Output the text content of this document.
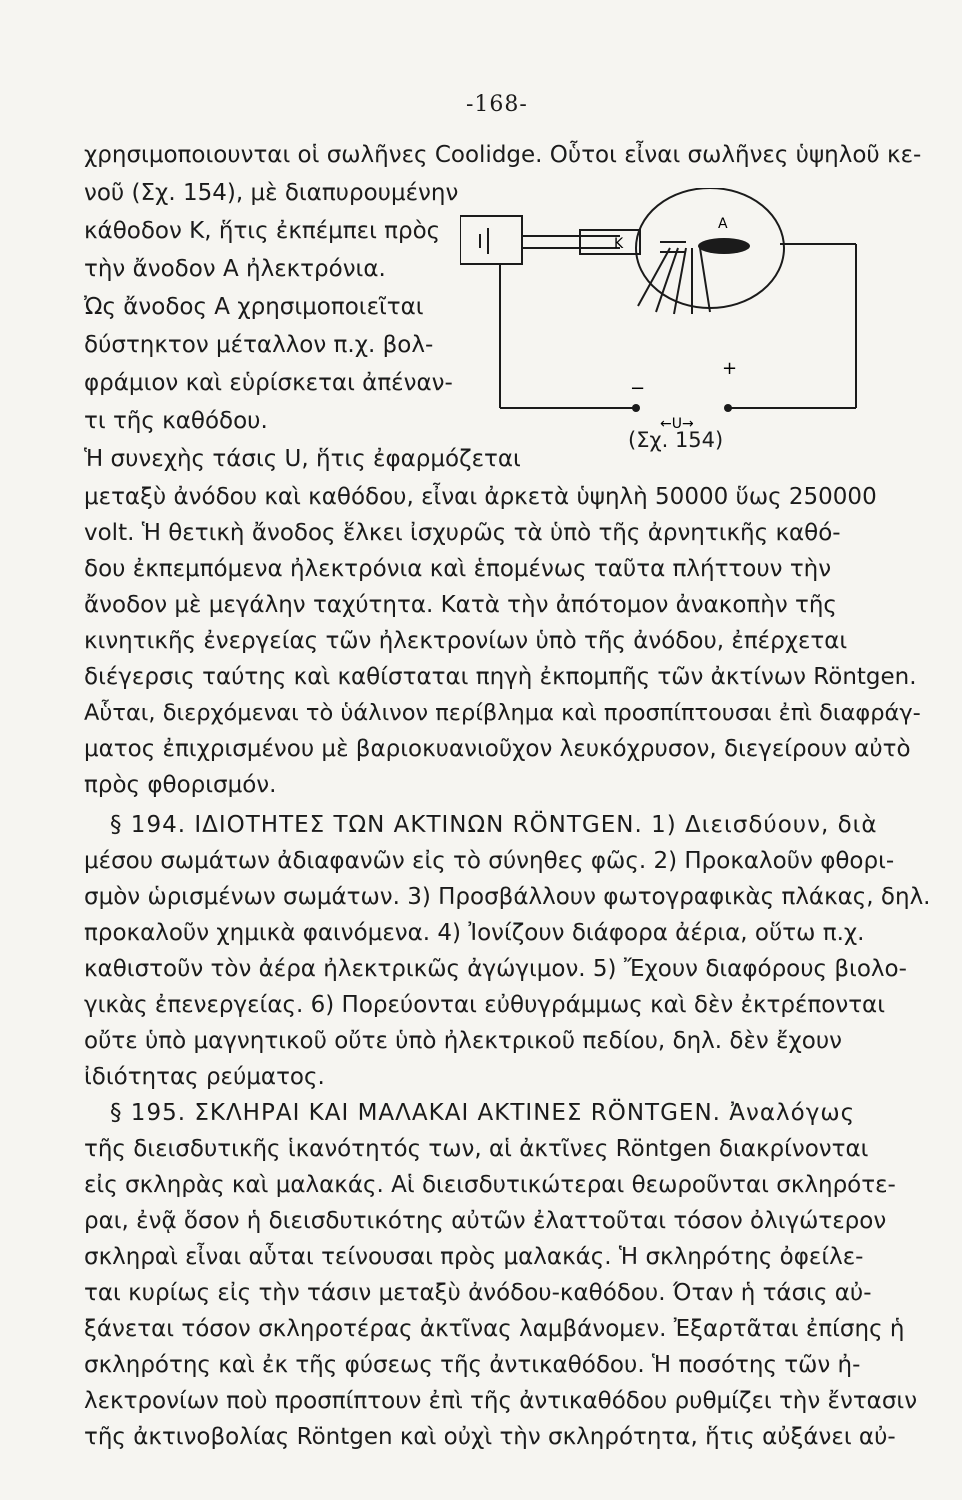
-168-
K
A
−
+
←U→
(Σχ. 154)
χρησιμοποιουνται οἱ σωλῆνες Coolidge. Οὗτοι εἶναι σωλῆνες ὑψηλοῦ κε-
νοῦ (Σχ. 154), μὲ διαπυρουμένην
κάθοδον Κ, ἥτις ἐκπέμπει πρὸς
τὴν ἄνοδον Α ἠλεκτρόνια.
Ὠς ἄνοδος Α χρησιμοποιεῖται
δύστηκτον μέταλλον π.χ. βολ-
φράμιον καὶ εὑρίσκεται ἀπέναν-
τι τῆς καθόδου.
Ἡ συνεχὴς τάσις U, ἥτις ἐφαρμόζεται
μεταξὺ ἀνόδου καὶ καθόδου, εἶναι ἀρκετὰ ὑψηλὴ 50000 ὕως 250000
volt. Ἡ θετικὴ ἄνοδος ἕλκει ἰσχυρῶς τὰ ὑπὸ τῆς ἀρνητικῆς καθό-
δου ἐκπεμπόμενα ἠλεκτρόνια καὶ ἑπομένως ταῦτα πλήττουν τὴν
ἄνοδον μὲ μεγάλην ταχύτητα. Κατὰ τὴν ἀπότομον ἀνακοπὴν τῆς
κινητικῆς ἐνεργείας τῶν ἠλεκτρονίων ὑπὸ τῆς ἀνόδου, ἐπέρχεται
διέγερσις ταύτης καὶ καθίσταται πηγὴ ἐκπομπῆς τῶν ἀκτίνων Röntgen.
Αὗται, διερχόμεναι τὸ ὑάλινον περίβλημα καὶ προσπίπτουσαι ἐπὶ διαφράγ-
ματος ἐπιχρισμένου μὲ βαριοκυανιοῦχον λευκόχρυσον, διεγείρουν αὐτὸ
πρὸς φθορισμόν.
§ 194. ΙΔΙΟΤΗΤΕΣ ΤΩΝ ΑΚΤΙΝΩΝ RÖNTGEN. 1) Διεισδύουν, διὰ
μέσου σωμάτων ἀδιαφανῶν εἰς τὸ σύνηθες φῶς. 2) Προκαλοῦν φθορι-
σμὸν ὡρισμένων σωμάτων. 3) Προσβάλλουν φωτογραφικὰς πλάκας, δηλ.
προκαλοῦν χημικὰ φαινόμενα. 4) Ἰονίζουν διάφορα ἀέρια, οὕτω π.χ.
καθιστοῦν τὸν ἀέρα ἠλεκτρικῶς ἀγώγιμον. 5) Ἔχουν διαφόρους βιολο-
γικὰς ἐπενεργείας. 6) Πορεύονται εὐθυγράμμως καὶ δὲν ἐκτρέπονται
οὔτε ὑπὸ μαγνητικοῦ οὔτε ὑπὸ ἠλεκτρικοῦ πεδίου, δηλ. δὲν ἔχουν
ἰδιότητας ρεύματος.
§ 195. ΣΚΛΗΡΑΙ ΚΑΙ ΜΑΛΑΚΑΙ ΑΚΤΙΝΕΣ RÖNTGEN. Ἀναλόγως
τῆς διεισδυτικῆς ἱκανότητός των, αἱ ἀκτῖνες Röntgen διακρίνονται
εἰς σκληρὰς καὶ μαλακάς. Αἱ διεισδυτικώτεραι θεωροῦνται σκληρότε-
ραι, ἐνᾷ ὅσον ἡ διεισδυτικότης αὐτῶν ἐλαττοῦται τόσον ὀλιγώτερον
σκληραὶ εἶναι αὗται τείνουσαι πρὸς μαλακάς. Ἡ σκληρότης ὀφείλε-
ται κυρίως εἰς τὴν τάσιν μεταξὺ ἀνόδου-καθόδου. Όταν ἡ τάσις αὐ-
ξάνεται τόσον σκληροτέρας ἀκτῖνας λαμβάνομεν. Ἐξαρτᾶται ἐπίσης ἡ
σκληρότης καὶ ἐκ τῆς φύσεως τῆς ἀντικαθόδου. Ἡ ποσότης τῶν ἠ-
λεκτρονίων ποὺ προσπίπτουν ἐπὶ τῆς ἀντικαθόδου ρυθμίζει τὴν ἔντασιν
τῆς ἀκτινοβολίας Röntgen καὶ οὐχὶ τὴν σκληρότητα, ἥτις αὐξάνει αὐ-
